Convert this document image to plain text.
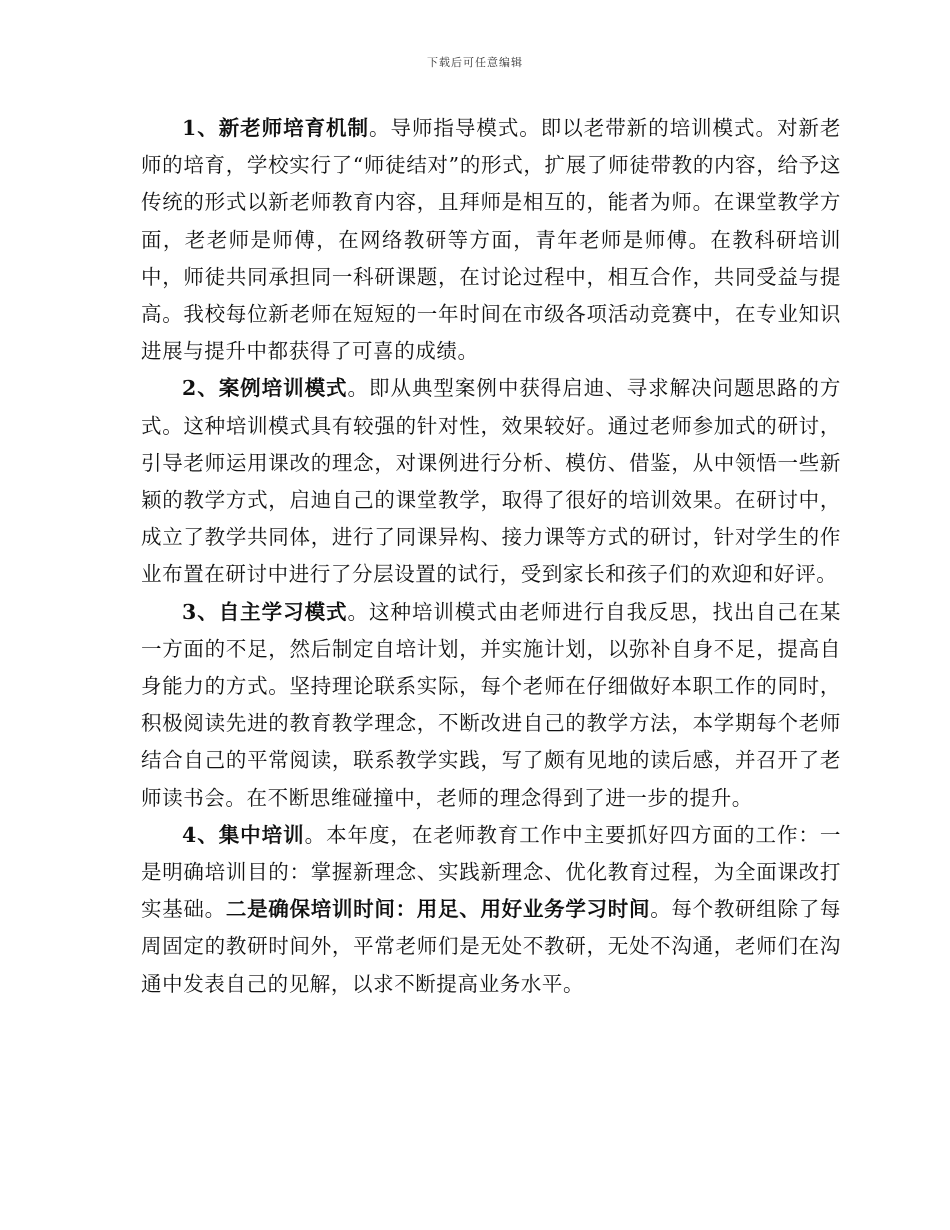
下载后可任意编辑

1、新老师培育机制。导师指导模式。即以老带新的培训模式。对新老师的培育，学校实行了“师徒结对”的形式，扩展了师徒带教的内容，给予这传统的形式以新老师教育内容，且拜师是相互的，能者为师。在课堂教学方面，老老师是师傅，在网络教研等方面，青年老师是师傅。在教科研培训中，师徒共同承担同一科研课题，在讨论过程中，相互合作，共同受益与提高。我校每位新老师在短短的一年时间在市级各项活动竞赛中，在专业知识进展与提升中都获得了可喜的成绩。

2、案例培训模式。即从典型案例中获得启迪、寻求解决问题思路的方式。这种培训模式具有较强的针对性，效果较好。通过老师参加式的研讨，引导老师运用课改的理念，对课例进行分析、模仿、借鉴，从中领悟一些新颖的教学方式，启迪自己的课堂教学，取得了很好的培训效果。在研讨中，成立了教学共同体，进行了同课异构、接力课等方式的研讨，针对学生的作业布置在研讨中进行了分层设置的试行，受到家长和孩子们的欢迎和好评。

3、自主学习模式。这种培训模式由老师进行自我反思，找出自己在某一方面的不足，然后制定自培计划，并实施计划，以弥补自身不足，提高自身能力的方式。坚持理论联系实际，每个老师在仔细做好本职工作的同时，积极阅读先进的教育教学理念，不断改进自己的教学方法，本学期每个老师结合自己的平常阅读，联系教学实践，写了颇有见地的读后感，并召开了老师读书会。在不断思维碰撞中，老师的理念得到了进一步的提升。

4、集中培训。本年度，在老师教育工作中主要抓好四方面的工作：一是明确培训目的：掌握新理念、实践新理念、优化教育过程，为全面课改打实基础。二是确保培训时间：用足、用好业务学习时间。每个教研组除了每周固定的教研时间外，平常老师们是无处不教研，无处不沟通，老师们在沟通中发表自己的见解，以求不断提高业务水平。
